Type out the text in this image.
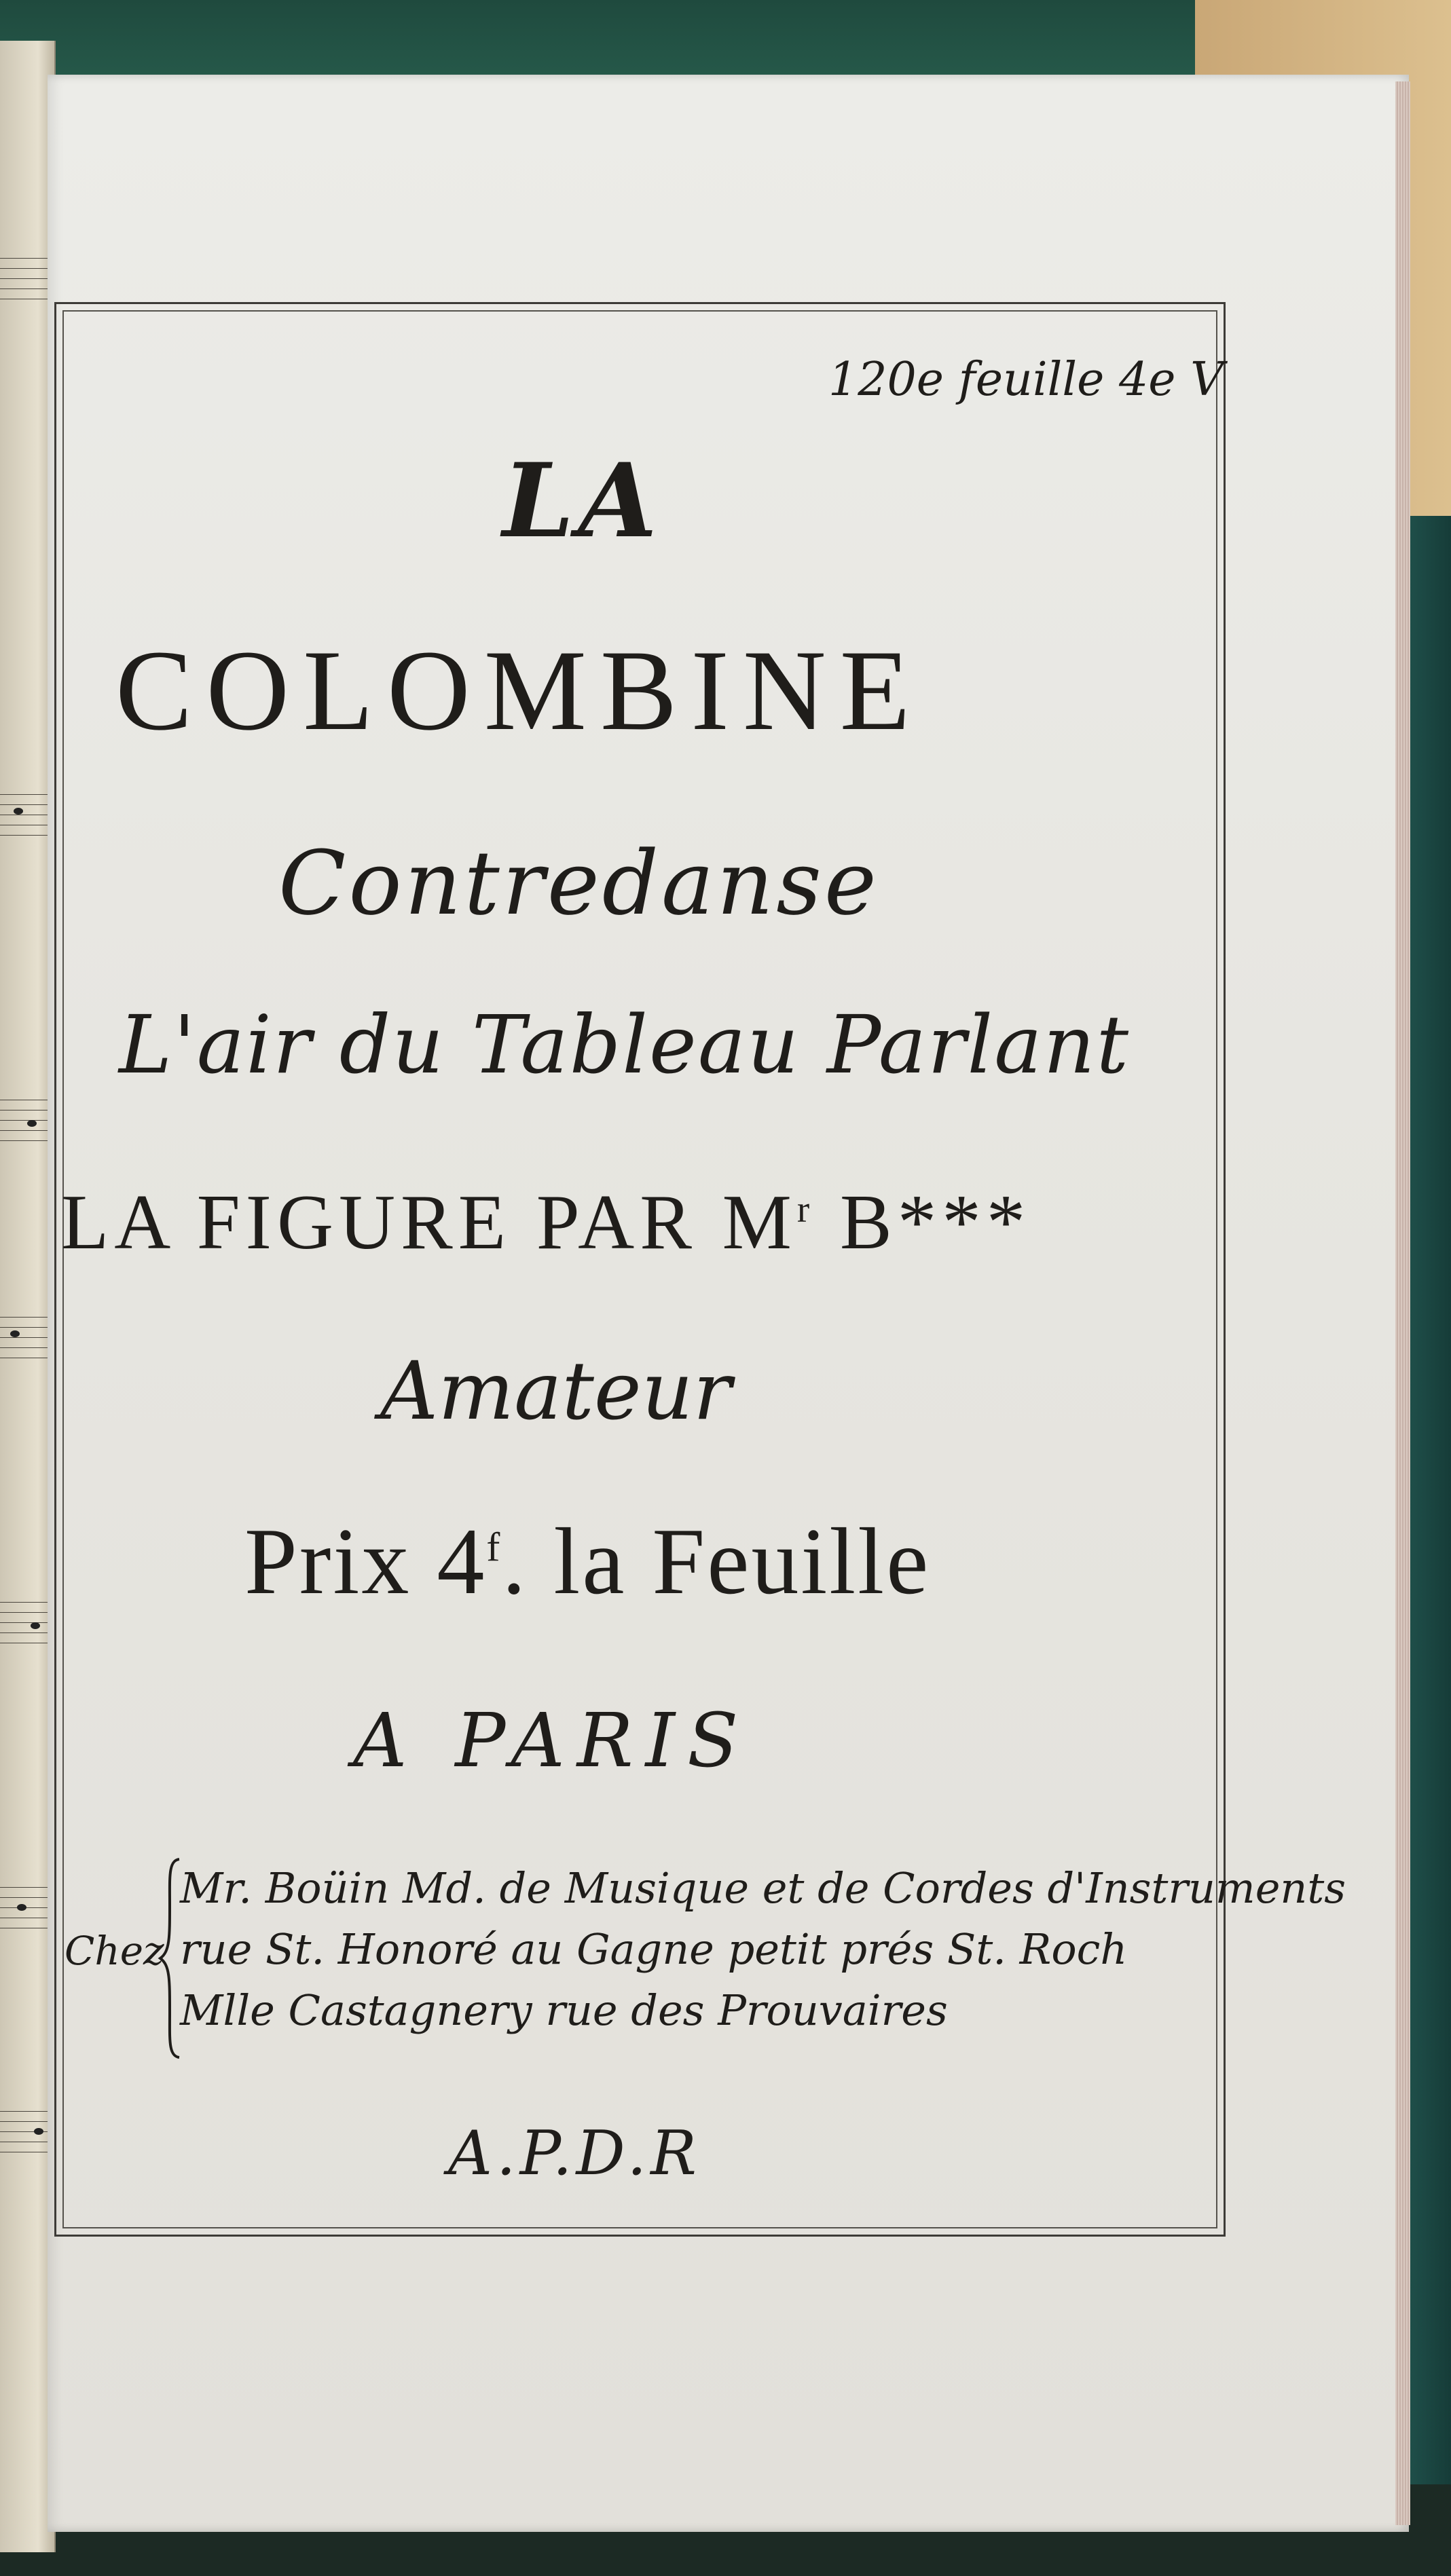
120e feuille 4e V
LA
COLOMBINE
Contredanse
L'air du Tableau Parlant
LA FIGURE PAR $M^r$ B***
Amateur
Prix 4$^f$. la Feuille
A PARIS
Chez
Mr. Boüin Md. de Musique et de Cordes d'Instruments
rue St. Honoré au Gagne petit prés St. Roch
Mlle Castagnery rue des Prouvaires
A.P.D.R
